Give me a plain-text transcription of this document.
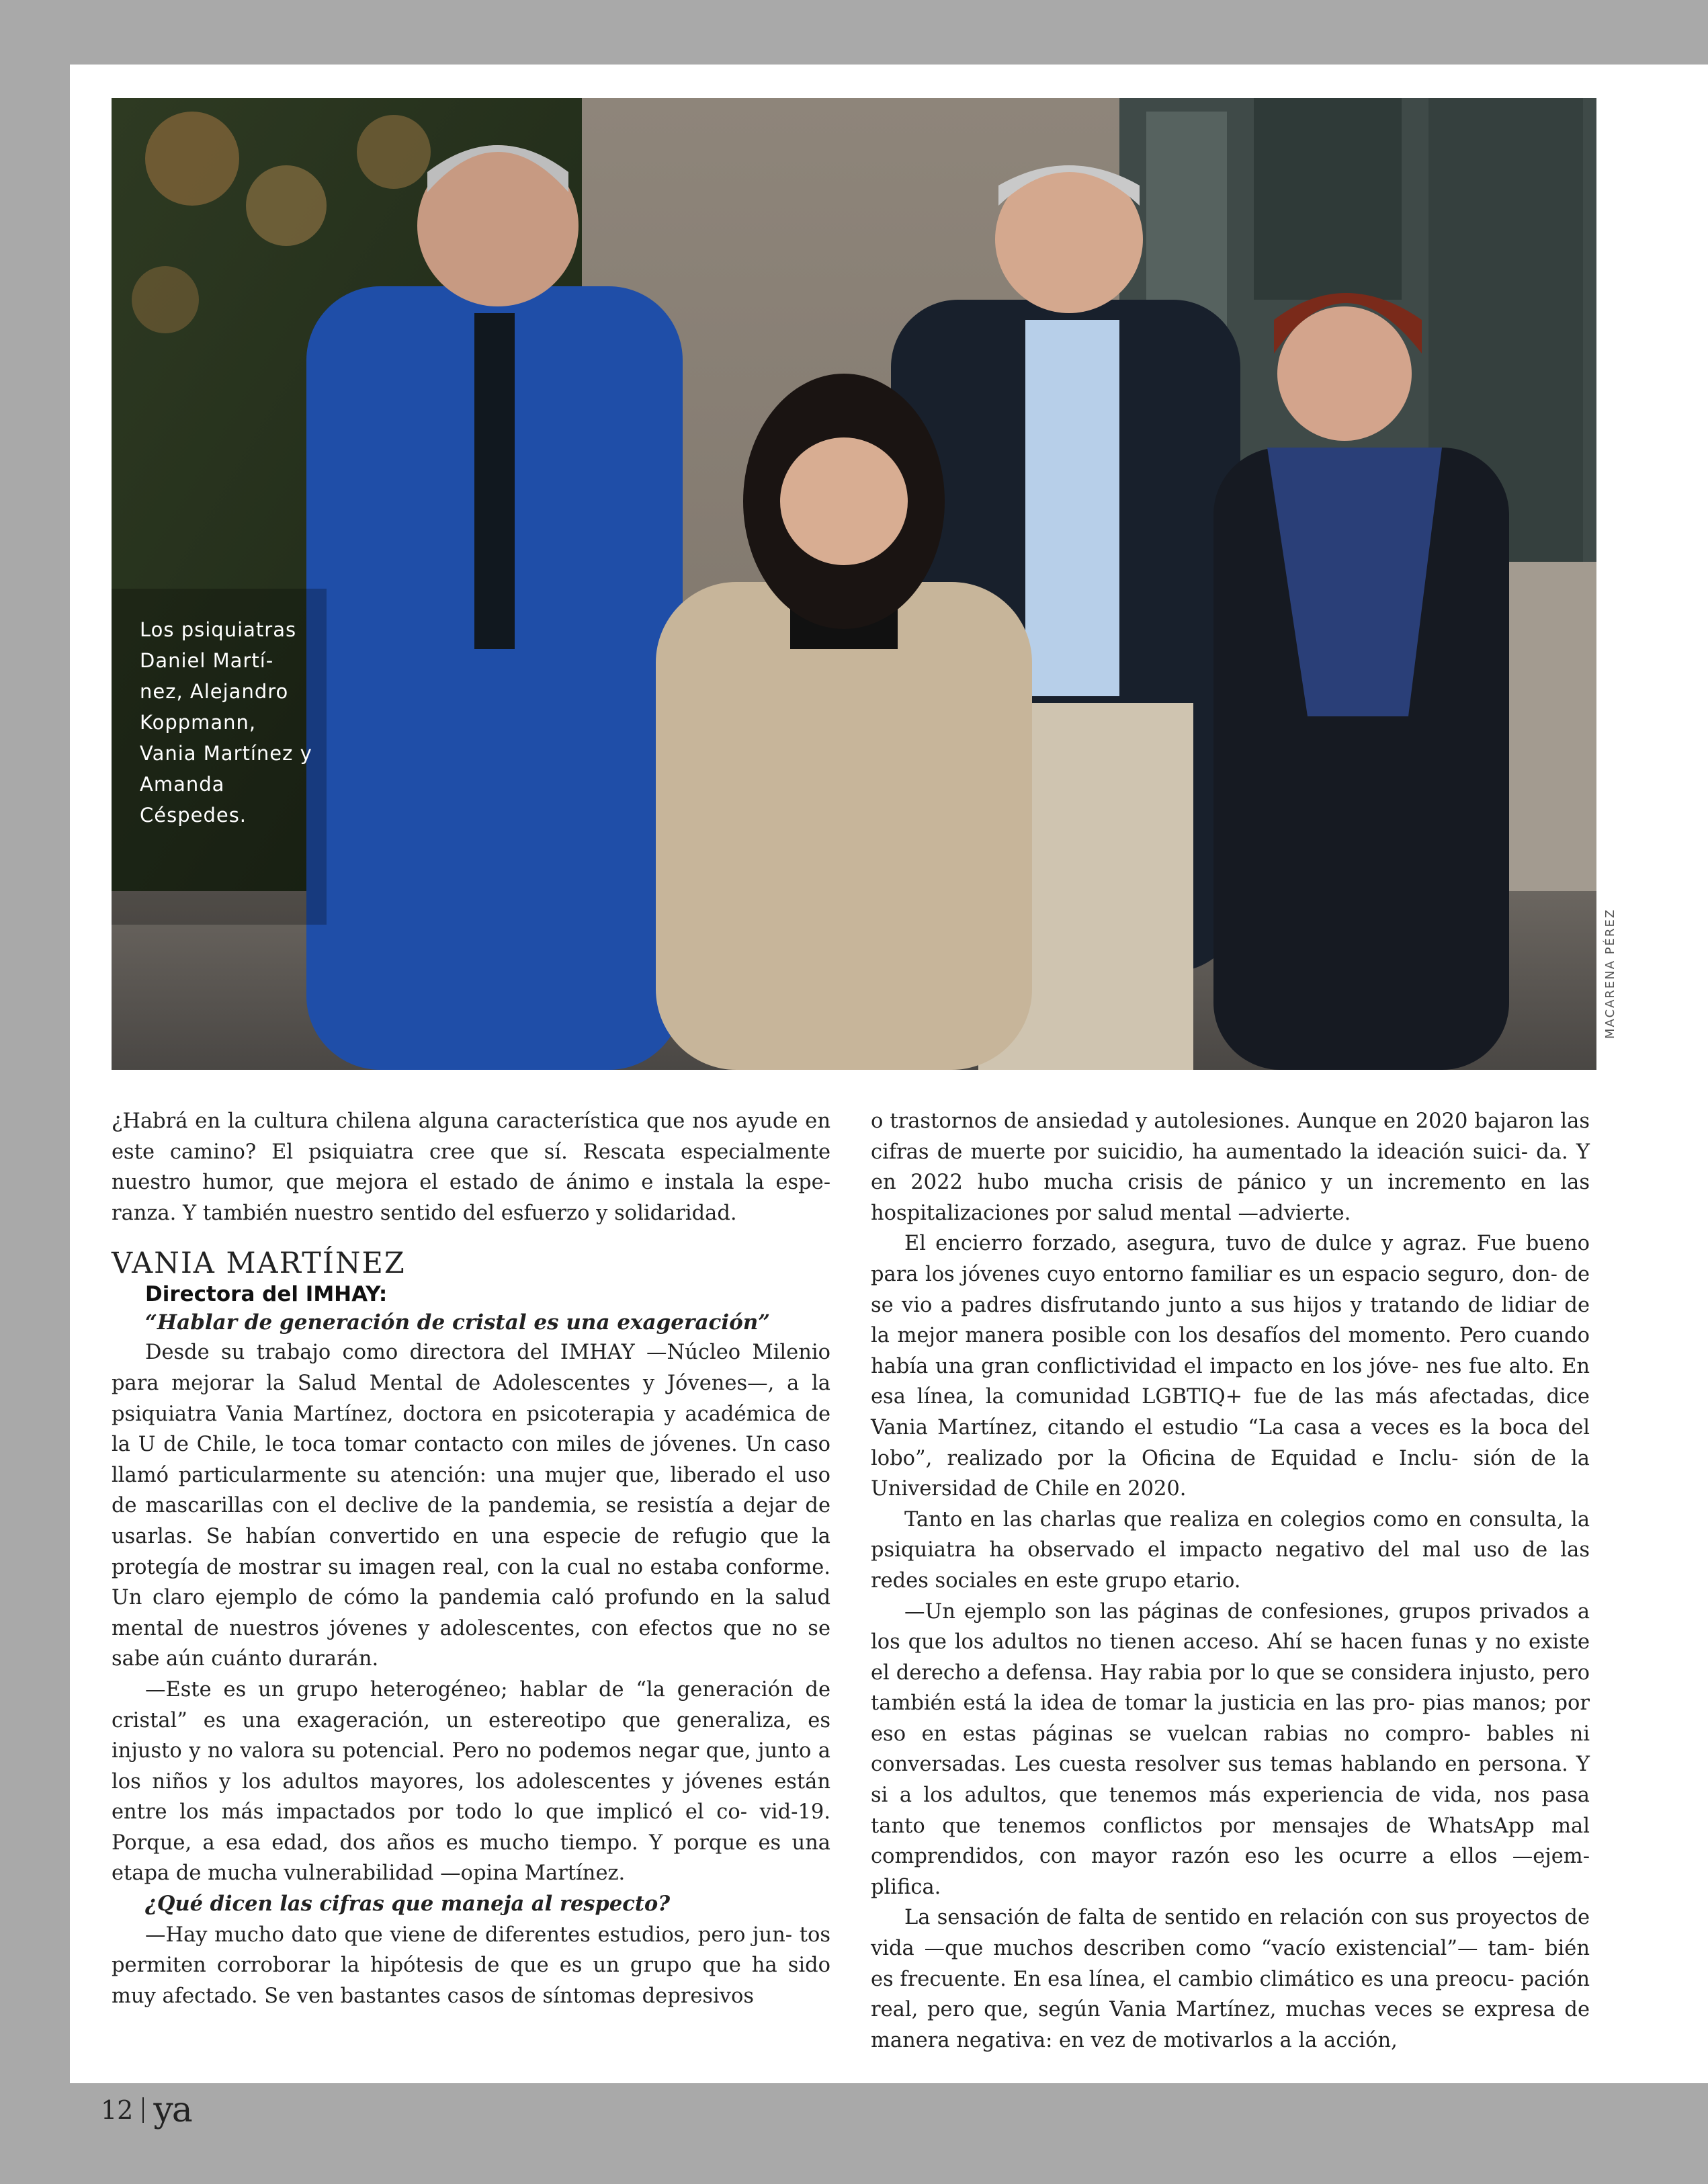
Los psiquiatras Daniel Martí- nez, Alejandro Koppmann, Vania Martínez y Amanda Céspedes.
MACARENA PÉREZ

¿Habrá en la cultura chilena alguna característica que nos ayude en este camino? El psiquiatra cree que sí. Rescata especialmente nuestro humor, que mejora el estado de ánimo e instala la espe- ranza. Y también nuestro sentido del esfuerzo y solidaridad.

VANIA MARTÍNEZ

Directora del IMHAY:

“Hablar de generación de cristal es una exageración”

Desde su trabajo como directora del IMHAY —Núcleo Milenio para mejorar la Salud Mental de Adolescentes y Jóvenes—, a la psiquiatra Vania Martínez, doctora en psicoterapia y académica de la U de Chile, le toca tomar contacto con miles de jóvenes. Un caso llamó particularmente su atención: una mujer que, liberado el uso de mascarillas con el declive de la pandemia, se resistía a dejar de usarlas. Se habían convertido en una especie de refugio que la protegía de mostrar su imagen real, con la cual no estaba conforme. Un claro ejemplo de cómo la pandemia caló profundo en la salud mental de nuestros jóvenes y adolescentes, con efectos que no se sabe aún cuánto durarán.

—Este es un grupo heterogéneo; hablar de “la generación de cristal” es una exageración, un estereotipo que generaliza, es injusto y no valora su potencial. Pero no podemos negar que, junto a los niños y los adultos mayores, los adolescentes y jóvenes están entre los más impactados por todo lo que implicó el co- vid-19. Porque, a esa edad, dos años es mucho tiempo. Y porque es una etapa de mucha vulnerabilidad —opina Martínez.

¿Qué dicen las cifras que maneja al respecto?

—Hay mucho dato que viene de diferentes estudios, pero jun- tos permiten corroborar la hipótesis de que es un grupo que ha sido muy afectado. Se ven bastantes casos de síntomas depresivos

o trastornos de ansiedad y autolesiones. Aunque en 2020 bajaron las cifras de muerte por suicidio, ha aumentado la ideación suici- da. Y en 2022 hubo mucha crisis de pánico y un incremento en las hospitalizaciones por salud mental —advierte.

El encierro forzado, asegura, tuvo de dulce y agraz. Fue bueno para los jóvenes cuyo entorno familiar es un espacio seguro, don- de se vio a padres disfrutando junto a sus hijos y tratando de lidiar de la mejor manera posible con los desafíos del momento. Pero cuando había una gran conflictividad el impacto en los jóve- nes fue alto. En esa línea, la comunidad LGBTIQ+ fue de las más afectadas, dice Vania Martínez, citando el estudio “La casa a veces es la boca del lobo”, realizado por la Oficina de Equidad e Inclu- sión de la Universidad de Chile en 2020.

Tanto en las charlas que realiza en colegios como en consulta, la psiquiatra ha observado el impacto negativo del mal uso de las redes sociales en este grupo etario.

—Un ejemplo son las páginas de confesiones, grupos privados a los que los adultos no tienen acceso. Ahí se hacen funas y no existe el derecho a defensa. Hay rabia por lo que se considera injusto, pero también está la idea de tomar la justicia en las pro- pias manos; por eso en estas páginas se vuelcan rabias no compro- bables ni conversadas. Les cuesta resolver sus temas hablando en persona. Y si a los adultos, que tenemos más experiencia de vida, nos pasa tanto que tenemos conflictos por mensajes de WhatsApp mal comprendidos, con mayor razón eso les ocurre a ellos —ejem- plifica.

La sensación de falta de sentido en relación con sus proyectos de vida —que muchos describen como “vacío existencial”— tam- bién es frecuente. En esa línea, el cambio climático es una preocu- pación real, pero que, según Vania Martínez, muchas veces se expresa de manera negativa: en vez de motivarlos a la acción,

12 ya
